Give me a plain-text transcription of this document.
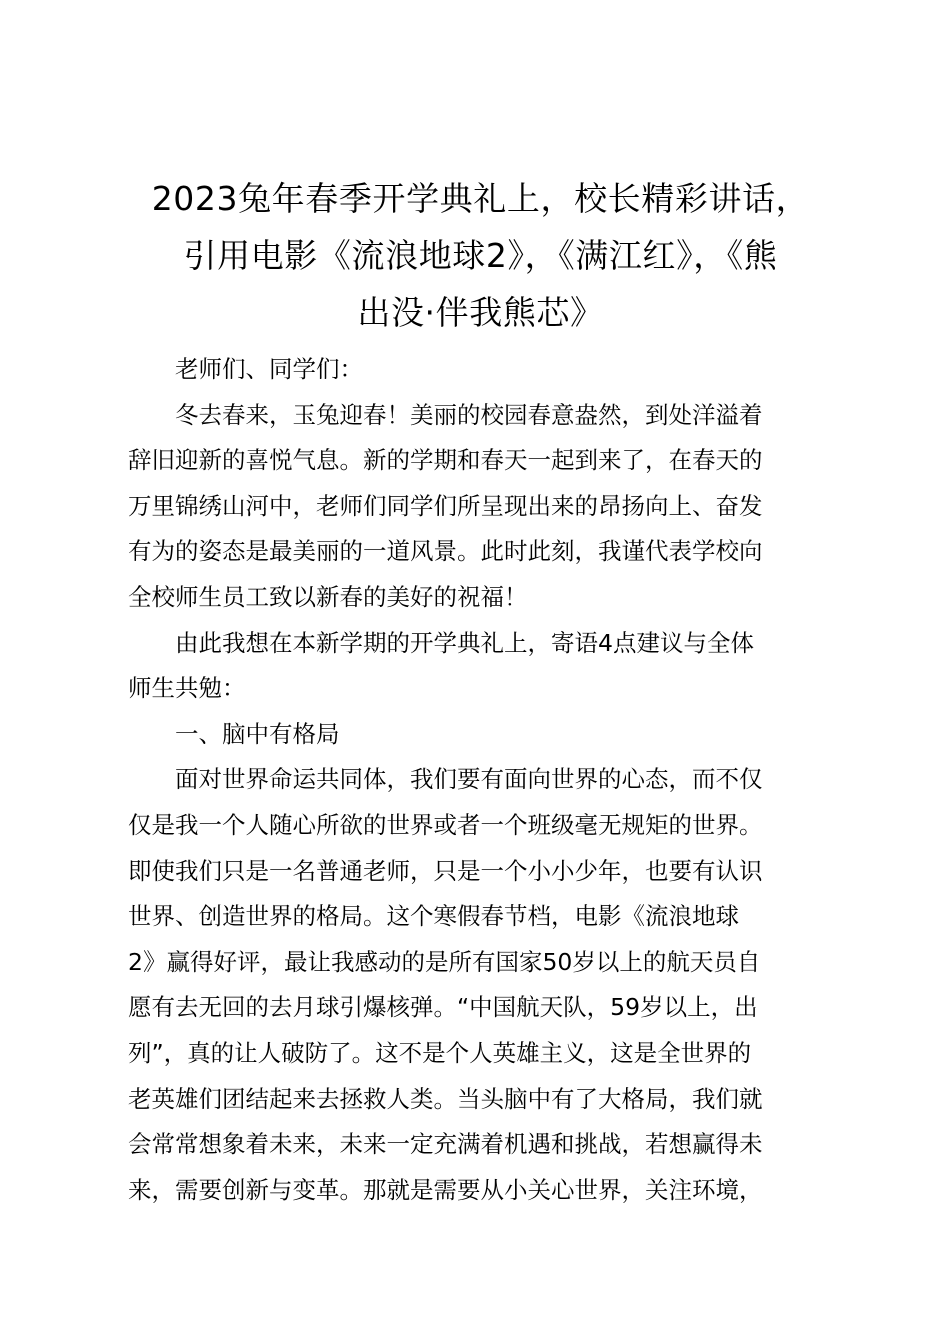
2023兔年春季开学典礼上，校长精彩讲话，
引用电影《流浪地球2》，《满江红》，《熊
出没·伴我熊芯》

老师们、同学们：

冬去春来，玉兔迎春！美丽的校园春意盎然，到处洋溢着
辞旧迎新的喜悦气息。新的学期和春天一起到来了，在春天的
万里锦绣山河中，老师们同学们所呈现出来的昂扬向上、奋发
有为的姿态是最美丽的一道风景。此时此刻，我谨代表学校向
全校师生员工致以新春的美好的祝福！

由此我想在本新学期的开学典礼上，寄语4点建议与全体
师生共勉：

一、脑中有格局

面对世界命运共同体，我们要有面向世界的心态，而不仅
仅是我一个人随心所欲的世界或者一个班级毫无规矩的世界。
即使我们只是一名普通老师，只是一个小小少年，也要有认识
世界、创造世界的格局。这个寒假春节档，电影《流浪地球
2》赢得好评，最让我感动的是所有国家50岁以上的航天员自
愿有去无回的去月球引爆核弹。“中国航天队，59岁以上，出
列”，真的让人破防了。这不是个人英雄主义，这是全世界的
老英雄们团结起来去拯救人类。当头脑中有了大格局，我们就
会常常想象着未来，未来一定充满着机遇和挑战，若想赢得未
来，需要创新与变革。那就是需要从小关心世界，关注环境，
